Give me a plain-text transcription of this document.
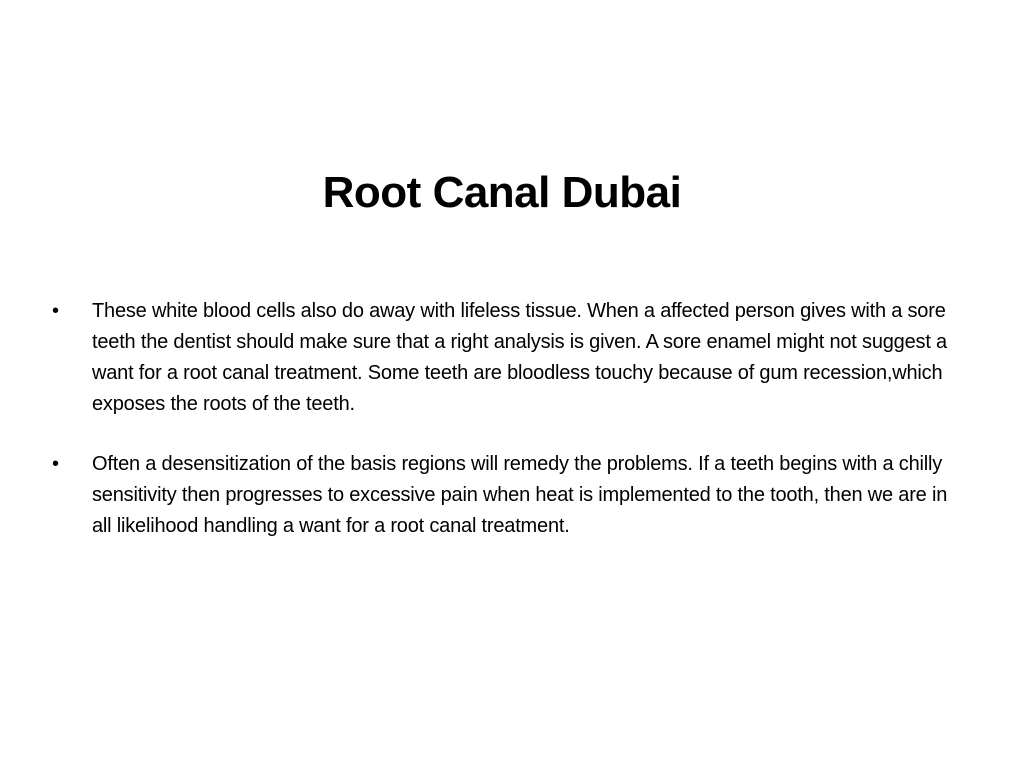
Root Canal Dubai
• These white blood cells also do away with lifeless tissue. When a affected person gives with a sore teeth the dentist should make sure that a right analysis is given. A sore enamel might not suggest a want for a root canal treatment. Some teeth are bloodless touchy because of gum recession,which exposes the roots of the teeth.
• Often a desensitization of the basis regions will remedy the problems. If a teeth begins with a chilly sensitivity then progresses to excessive pain when heat is implemented to the tooth, then we are in all likelihood handling a want for a root canal treatment.
